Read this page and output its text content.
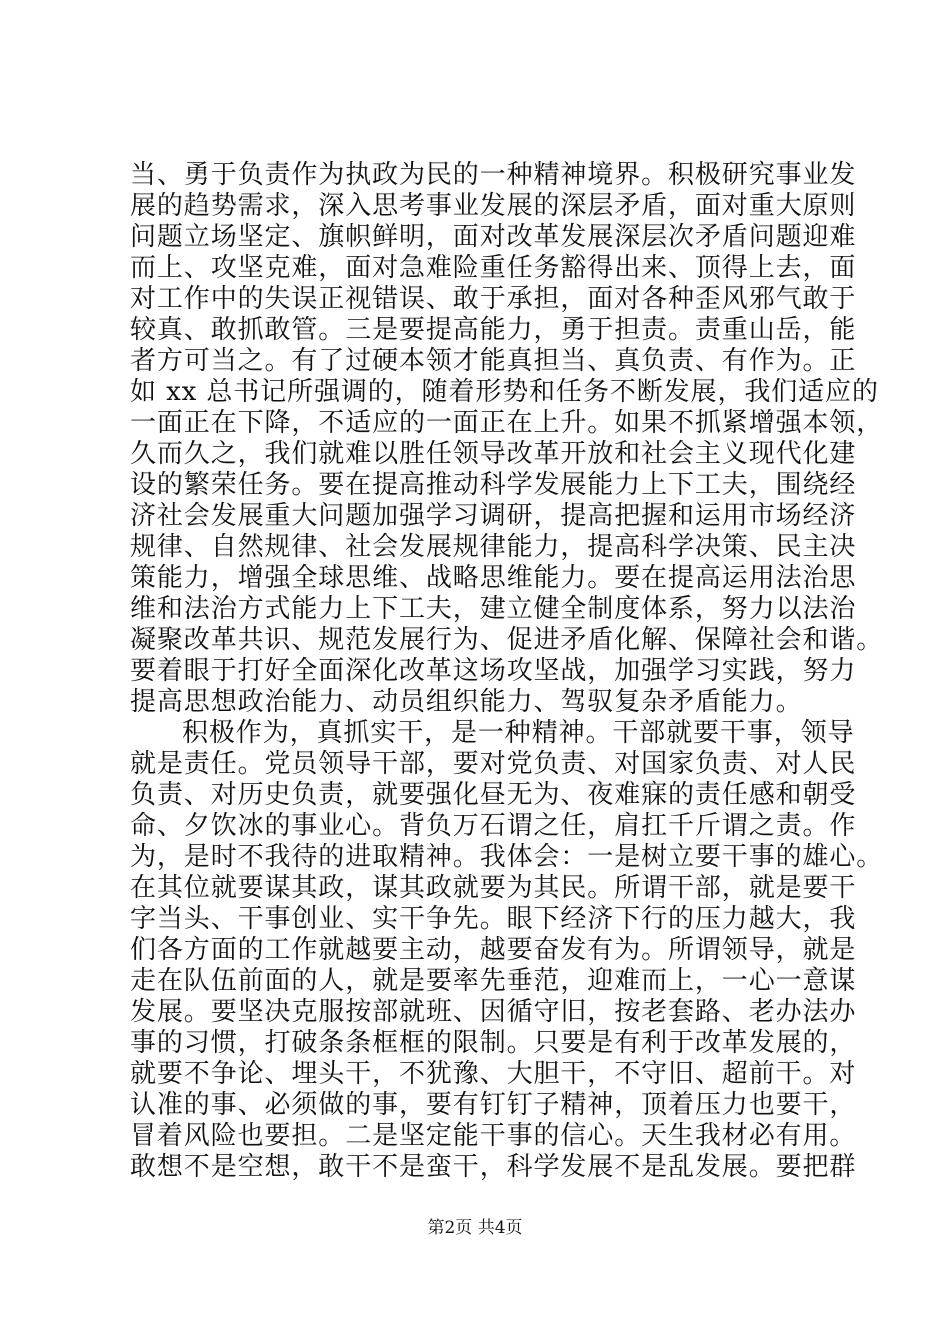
当、勇于负责作为执政为民的一种精神境界。积极研究事业发
展的趋势需求，深入思考事业发展的深层矛盾，面对重大原则
问题立场坚定、旗帜鲜明，面对改革发展深层次矛盾问题迎难
而上、攻坚克难，面对急难险重任务豁得出来、顶得上去，面
对工作中的失误正视错误、敢于承担，面对各种歪风邪气敢于
较真、敢抓敢管。三是要提高能力，勇于担责。责重山岳，能
者方可当之。有了过硬本领才能真担当、真负责、有作为。正
如 xx 总书记所强调的，随着形势和任务不断发展，我们适应的
一面正在下降，不适应的一面正在上升。如果不抓紧增强本领，
久而久之，我们就难以胜任领导改革开放和社会主义现代化建
设的繁荣任务。要在提高推动科学发展能力上下工夫，围绕经
济社会发展重大问题加强学习调研，提高把握和运用市场经济
规律、自然规律、社会发展规律能力，提高科学决策、民主决
策能力，增强全球思维、战略思维能力。要在提高运用法治思
维和法治方式能力上下工夫，建立健全制度体系，努力以法治
凝聚改革共识、规范发展行为、促进矛盾化解、保障社会和谐。
要着眼于打好全面深化改革这场攻坚战，加强学习实践，努力
提高思想政治能力、动员组织能力、驾驭复杂矛盾能力。
积极作为，真抓实干，是一种精神。干部就要干事，领导
就是责任。党员领导干部，要对党负责、对国家负责、对人民
负责、对历史负责，就要强化昼无为、夜难寐的责任感和朝受
命、夕饮冰的事业心。背负万石谓之任，肩扛千斤谓之责。作
为，是时不我待的进取精神。我体会：一是树立要干事的雄心。
在其位就要谋其政，谋其政就要为其民。所谓干部，就是要干
字当头、干事创业、实干争先。眼下经济下行的压力越大，我
们各方面的工作就越要主动，越要奋发有为。所谓领导，就是
走在队伍前面的人，就是要率先垂范，迎难而上，一心一意谋
发展。要坚决克服按部就班、因循守旧，按老套路、老办法办
事的习惯，打破条条框框的限制。只要是有利于改革发展的，
就要不争论、埋头干，不犹豫、大胆干，不守旧、超前干。对
认准的事、必须做的事，要有钉钉子精神，顶着压力也要干，
冒着风险也要担。二是坚定能干事的信心。天生我材必有用。
敢想不是空想，敢干不是蛮干，科学发展不是乱发展。要把群
第2页 共4页
